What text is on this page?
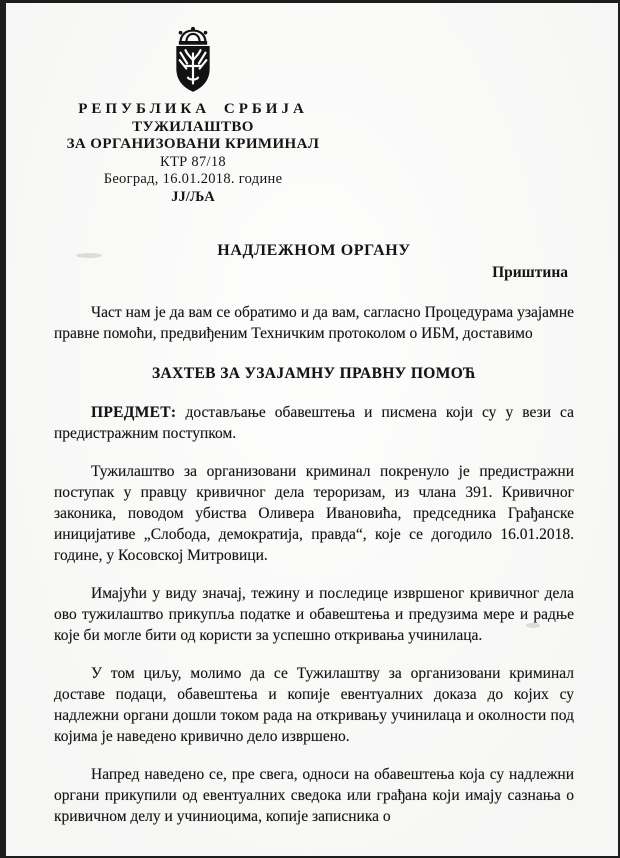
РЕПУБЛИКА СРБИЈА
ТУЖИЛАШТВО
ЗА ОРГАНИЗОВАНИ КРИМИНАЛ
КТР 87/18
Београд, 16.01.2018. године
ЈЈ/ЉА
НАДЛЕЖНОМ ОРГАНУ
Приштина

Част нам је да вам се обратимо и да вам, сагласно Процедурама узајамне правне помоћи, предвиђеним Техничким протоколом о ИБМ, доставимо

ЗАХТЕВ ЗА УЗАЈАМНУ ПРАВНУ ПОМОЋ

ПРЕДМЕТ: достављање обавештења и писмена који су у вези са предистражним поступком.

Тужилаштво за организовани криминал покренуло је предистражни поступак у правцу кривичног дела тероризам, из члана 391. Кривичног законика, поводом убиства Оливера Ивановића, председника Грађанске иницијативе „Слобода, демократија, правда“, које се догодило 16.01.2018. године, у Косовској Митровици.

Имајући у виду значај, тежину и последице извршеног кривичног дела ово тужилаштво прикупља податке и обавештења и предузима мере и радње које би могле бити од користи за успешно откривања учинилаца.

У том циљу, молимо да се Тужилаштву за организовани криминал доставе подаци, обавештења и копије евентуалних доказа до којих су надлежни органи дошли током рада на откривању учинилаца и околности под којима је наведено кривично дело извршено.

Напред наведено се, пре свега, односи на обавештења која су надлежни органи прикупили од евентуалних сведока или грађана који имају сазнања о кривичном делу и учиниоцима, копије записника о
